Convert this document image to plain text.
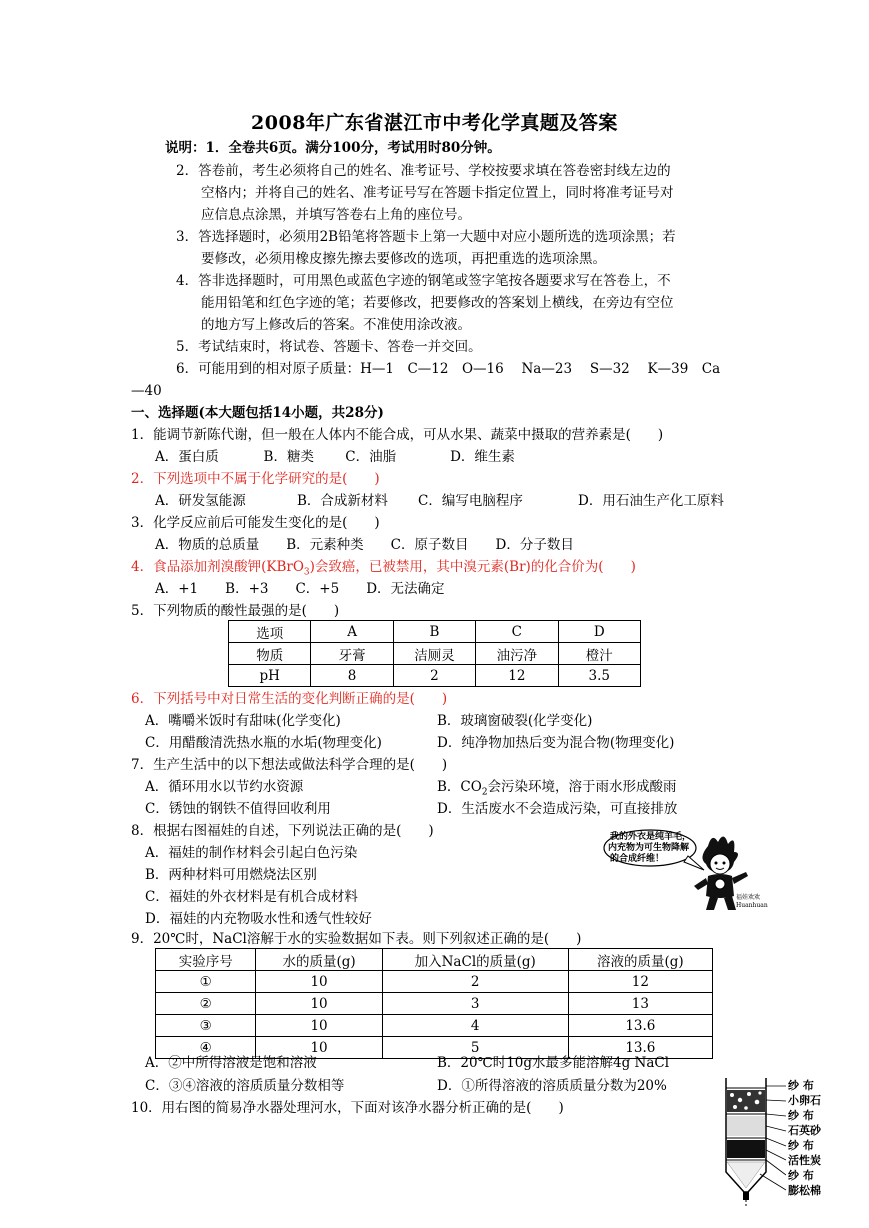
2008年广东省湛江市中考化学真题及答案
说明：1．全卷共6页。满分100分，考试用时80分钟。
2．答卷前，考生必须将自己的姓名、准考证号、学校按要求填在答卷密封线左边的
空格内；并将自己的姓名、准考证号写在答题卡指定位置上，同时将准考证号对
应信息点涂黑，并填写答卷右上角的座位号。
3．答选择题时，必须用2B铅笔将答题卡上第一大题中对应小题所选的选项涂黑；若
要修改，必须用橡皮擦先擦去要修改的选项，再把重选的选项涂黑。
4．答非选择题时，可用黑色或蓝色字迹的钢笔或签字笔按各题要求写在答卷上，不
能用铅笔和红色字迹的笔；若要修改，把要修改的答案划上横线，在旁边有空位
的地方写上修改后的答案。不准使用涂改液。
5．考试结束时，将试卷、答题卡、答卷一并交回。
6．可能用到的相对原子质量：H—1　C—12　O—16　 Na—23　 S—32　 K—39　Ca
—40
一、选择题(本大题包括14小题，共28分)
1．能调节新陈代谢，但一般在人体内不能合成，可从水果、蔬菜中摄取的营养素是(　　)
A．蛋白质　　　 B．糖类　　 C．油脂　　　　D．维生素
2．下列选项中不属于化学研究的是(　　)
A．研发氢能源	B．合成新材料 C．编写电脑程序	D．用石油生产化工原料
3．化学反应前后可能发生变化的是(　　)
A．物质的总质量　　B．元素种类　　C．原子数目　　D．分子数目
4．食品添加剂溴酸钾(KBrO$_3$)会致癌，已被禁用，其中溴元素(Br)的化合价为(　　)
A．+1　　B．+3　　C．+5　　D．无法确定
5．下列物质的酸性最强的是(　　)
选项	A	B	C	D
物质	牙膏	洁厕灵	油污净	橙汁
pH	8	2	12	3.5
6．下列括号中对日常生活的变化判断正确的是(　　)
A．嘴嚼米饭时有甜味(化学变化)	B．玻璃窗破裂(化学变化)
C．用醋酸清洗热水瓶的水垢(物理变化)	D．纯净物加热后变为混合物(物理变化)
7．生产生活中的以下想法或做法科学合理的是(　　)
A．循环用水以节约水资源	B．$CO_2$会污染环境，溶于雨水形成酸雨
C．锈蚀的钢铁不值得回收利用	D．生活废水不会造成污染，可直接排放
8．根据右图福娃的自述，下列说法正确的是(　　)
A．福娃的制作材料会引起白色污染
B．两种材料可用燃烧法区别
C．福娃的外衣材料是有机合成材料
D．福娃的内充物吸水性和透气性较好
我的外衣是纯羊毛，
内充物为可生物降解
的合成纤维！
福娃欢欢
Huanhuan
9．20℃时，NaCl溶解于水的实验数据如下表。则下列叙述正确的是(　　)
实验序号	水的质量(g)	加入NaCl的质量(g)	溶液的质量(g)
①	10	2	12
②	10	3	13
③	10	4	13.6
④	10	5	13.6
A．②中所得溶液是饱和溶液	B．20℃时10g水最多能溶解4g NaCl
C．③④溶液的溶质质量分数相等	D．①所得溶液的溶质质量分数为20%
10．用右图的简易净水器处理河水，下面对该净水器分析正确的是(　　)
纱 布
小卵石
纱 布
石英砂
纱 布
活性炭
纱 布
膨松棉
